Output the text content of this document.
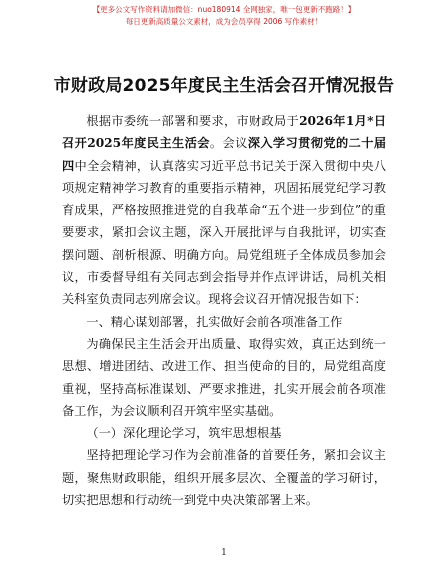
【更多公文写作资料请加微信：nuo180914 全网独家，唯一包更新不跑路！】
每日更新高质量公文素材，成为会员享得 2006 写作素材！
市财政局2025年度民主生活会召开情况报告

根据市委统一部署和要求，市财政局于2026年1月*日召开2025年度民主生活会。会议深入学习贯彻党的二十届四中全会精神，认真落实习近平总书记关于深入贯彻中央八项规定精神学习教育的重要指示精神，巩固拓展党纪学习教育成果，严格按照推进党的自我革命“五个进一步到位”的重要要求，紧扣会议主题，深入开展批评与自我批评，切实查摆问题、剖析根源、明确方向。局党组班子全体成员参加会议，市委督导组有关同志到会指导并作点评讲话，局机关相关科室负责同志列席会议。现将会议召开情况报告如下：

一、精心谋划部署，扎实做好会前各项准备工作

为确保民主生活会开出质量、取得实效，真正达到统一思想、增进团结、改进工作、担当使命的目的，局党组高度重视，坚持高标准谋划、严要求推进，扎实开展会前各项准备工作，为会议顺利召开筑牢坚实基础。

（一）深化理论学习，筑牢思想根基

坚持把理论学习作为会前准备的首要任务，紧扣会议主题，聚焦财政职能，组织开展多层次、全覆盖的学习研讨，切实把思想和行动统一到党中央决策部署上来。

1
